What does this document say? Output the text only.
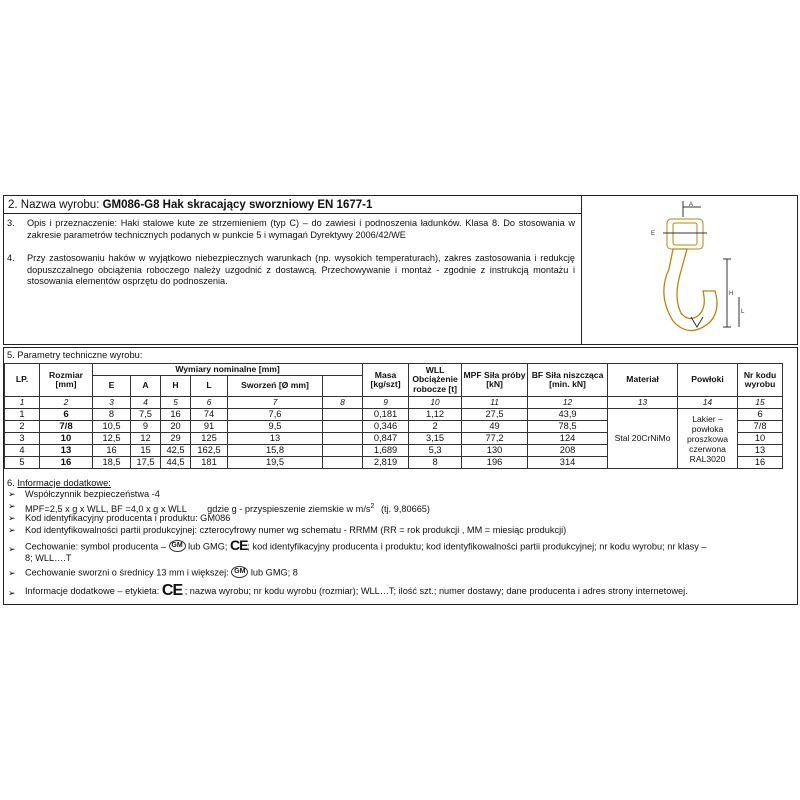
2. Nazwa wyrobu: GM086-G8 Hak skracający sworzniowy EN 1677-1
3. Opis i przeznaczenie: Haki stalowe kute ze strzemieniem (typ C) – do zawiesi i podnoszenia ładunków. Klasa 8. Do stosowania w zakresie parametrów technicznych podanych w punkcie 5 i wymagań Dyrektywy 2006/42/WE
4. Przy zastosowaniu haków w wyjątkowo niebezpiecznych warunkach (np. wysokich temperaturach), zakres zastosowania i redukcję dopuszczalnego obciążenia roboczego należy uzgodnić z dostawcą. Przechowywanie i montaż - zgodnie z instrukcją montażu i stosowania elementów osprzętu do podnoszenia.
A
E
H
L
5. Parametry techniczne wyrobu:
LP.	Rozmiar [mm]	Wymiary nominalne [mm]						Masa [kg/szt]	WLL Obciążenie robocze [t]	MPF Siła próby [kN]	BF Siła niszcząca [min. kN]	Materiał	Powłoki	Nr kodu wyrobu
		E	A	H	L	Sworzeń [Ø mm]								
1	2	3	4	5	6	7	8	9	10	11	12	13	14	15
1	6	8	7,5	16	74	7,6		0,181	1,12	27,5	43,9	Stal 20CrNiMo	Lakier – powłoka proszkowa czerwona RAL3020	6
2	7/8	10,5	9	20	91	9,5		0,346	2	49	78,5			7/8
3	10	12,5	12	29	125	13		0,847	3,15	77,2	124			10
4	13	16	15	42,5	162,5	15,8		1,689	5,3	130	208			13
5	16	18,5	17,5	44,5	181	19,5		2,819	8	196	314			16
6. Informacje dodatkowe:
➢ Współczynnik bezpieczeństwa -4
➢ MPF=2,5 x g x WLL, BF =4,0 x g x WLL gdzie g - przyspieszenie ziemskie w $m/s^2$ (tj. 9,80665)
➢ Kod identyfikacyjny producenta i produktu: GM086
➢ Kod identyfikowalności partii produkcyjnej: czterocyfrowy numer wg schematu - RRMM (RR = rok produkcji , MM = miesiąc produkcji)
➢ Cechowanie: symbol producenta – GM lub GMG; CE; kod identyfikacyjny producenta i produktu; kod identyfikowalności partii produkcyjnej; nr kodu wyrobu; nr klasy –
8; WLL….T
➢ Cechowanie sworzni o średnicy 13 mm i większej: GM lub GMG; 8
➢ Informacje dodatkowe – etykieta: CE ; nazwa wyrobu; nr kodu wyrobu (rozmiar); WLL…T; ilość szt.; numer dostawy; dane producenta i adres strony internetowej.
